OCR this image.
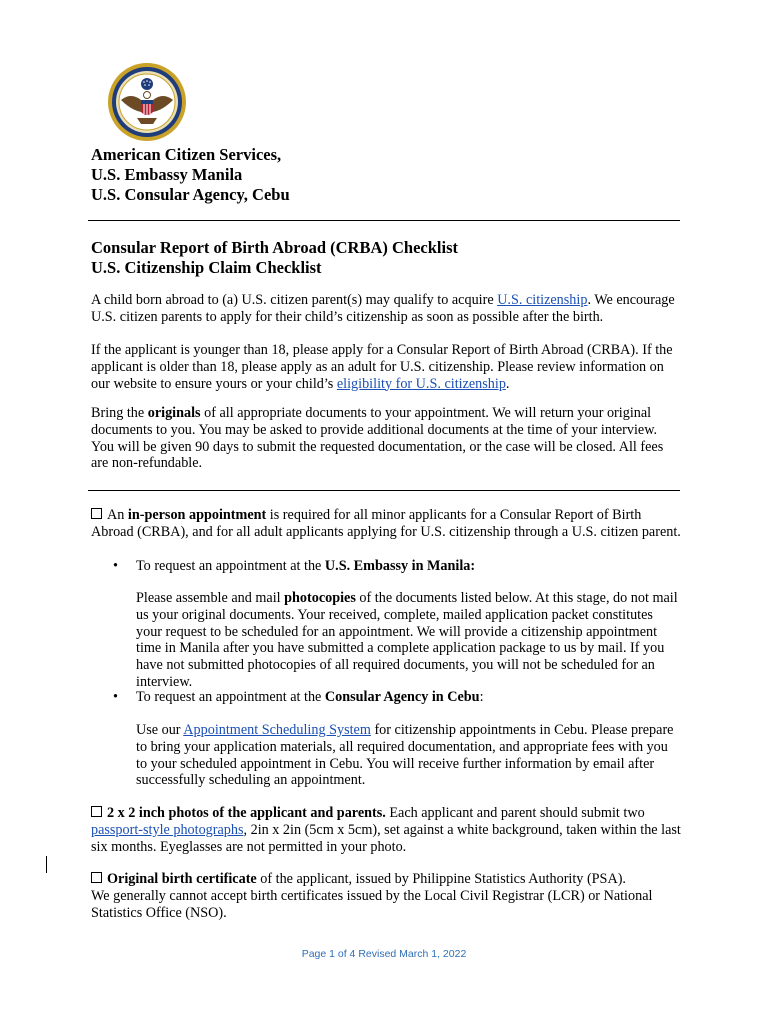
American Citizen Services,
U.S. Embassy Manila
U.S. Consular Agency, Cebu
Consular Report of Birth Abroad (CRBA) Checklist
U.S. Citizenship Claim Checklist
A child born abroad to (a) U.S. citizen parent(s) may qualify to acquire U.S. citizenship. We encourage U.S. citizen parents to apply for their child’s citizenship as soon as possible after the birth.
If the applicant is younger than 18, please apply for a Consular Report of Birth Abroad (CRBA). If the applicant is older than 18, please apply as an adult for U.S. citizenship. Please review information on our website to ensure yours or your child’s eligibility for U.S. citizenship.
Bring the originals of all appropriate documents to your appointment. We will return your original documents to you. You may be asked to provide additional documents at the time of your interview. You will be given 90 days to submit the requested documentation, or the case will be closed. All fees are non-refundable.
An in-person appointment is required for all minor applicants for a Consular Report of Birth Abroad (CRBA), and for all adult applicants applying for U.S. citizenship through a U.S. citizen parent.
• To request an appointment at the U.S. Embassy in Manila:
Please assemble and mail photocopies of the documents listed below. At this stage, do not mail us your original documents. Your received, complete, mailed application packet constitutes your request to be scheduled for an appointment. We will provide a citizenship appointment time in Manila after you have submitted a complete application package to us by mail. If you have not submitted photocopies of all required documents, you will not be scheduled for an interview.
• To request an appointment at the Consular Agency in Cebu:
Use our Appointment Scheduling System for citizenship appointments in Cebu. Please prepare to bring your application materials, all required documentation, and appropriate fees with you to your scheduled appointment in Cebu. You will receive further information by email after successfully scheduling an appointment.
2 x 2 inch photos of the applicant and parents. Each applicant and parent should submit two passport-style photographs, 2in x 2in (5cm x 5cm), set against a white background, taken within the last six months. Eyeglasses are not permitted in your photo.
Original birth certificate of the applicant, issued by Philippine Statistics Authority (PSA).
We generally cannot accept birth certificates issued by the Local Civil Registrar (LCR) or National Statistics Office (NSO).
Page 1 of 4 Revised March 1, 2022
